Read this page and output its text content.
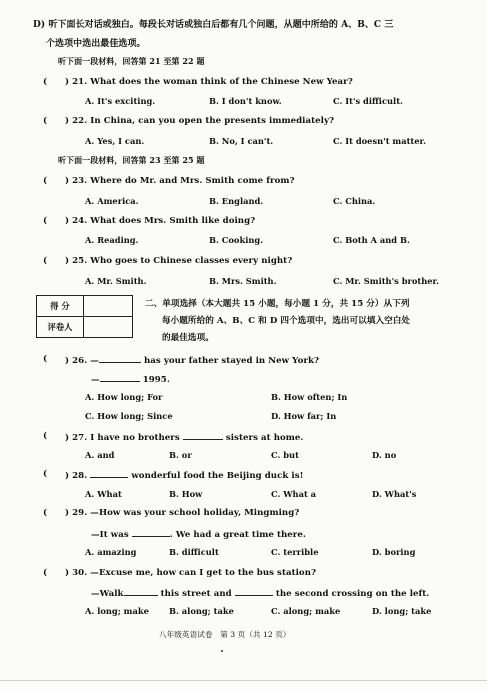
D) 听下面长对话或独白。每段长对话或独白后都有几个问题，从题中所给的 A、B、C 三
个选项中选出最佳选项。
听下面一段材料，回答第 21 至第 22 题
( ) 21. What does the woman think of the Chinese New Year?
A. It's exciting.	B. I don't know.	C. It's difficult.
( ) 22. In China, can you open the presents immediately?
A. Yes, I can.	B. No, I can't.	C. It doesn't matter.
听下面一段材料，回答第 23 至第 25 题
( ) 23. Where do Mr. and Mrs. Smith come from?
A. America.	B. England.	C. China.
( ) 24. What does Mrs. Smith like doing?
A. Reading.	B. Cooking.	C. Both A and B.
( ) 25. Who goes to Chinese classes every night?
A. Mr. Smith.	B. Mrs. Smith.	C. Mr. Smith's brother.
得 分	
评卷人	
二、单项选择（本大题共 15 小题，每小题 1 分，共 15 分）从下列
每小题所给的 A、B、C 和 D 四个选项中，选出可以填入空白处
的最佳选项。
( ) 26. —	has your father stayed in New York?
—	1995.
A. How long; For	B. How often; In
C. How long; Since	D. How far; In
( ) 27. I have no brothers	sisters at home.
A. and	B. or	C. but	D. no
( ) 28.	wonderful food the Beijing duck is!
A. What	B. How	C. What a	D. What's
( ) 29. —How was your school holiday, Mingming?
—It was	. We had a great time there.
A. amazing	B. difficult	C. terrible	D. boring
( ) 30. —Excuse me, how can I get to the bus station?
—Walk	this street and	the second crossing on the left.
A. long; make B. along; take	C. along; make	D. long; take
八年级英语试卷　第 3 页（共 12 页）
